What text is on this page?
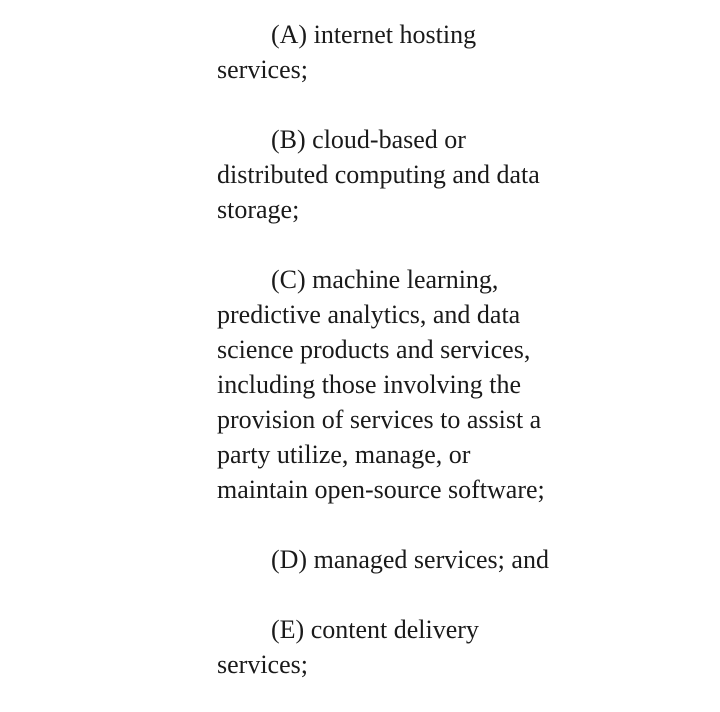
(A) internet hosting
services;
(B) cloud-based or
distributed computing and data
storage;
(C) machine learning,
predictive analytics, and data
science products and services,
including those involving the
provision of services to assist a
party utilize, manage, or
maintain open-source software;
(D) managed services; and
(E) content delivery
services;
